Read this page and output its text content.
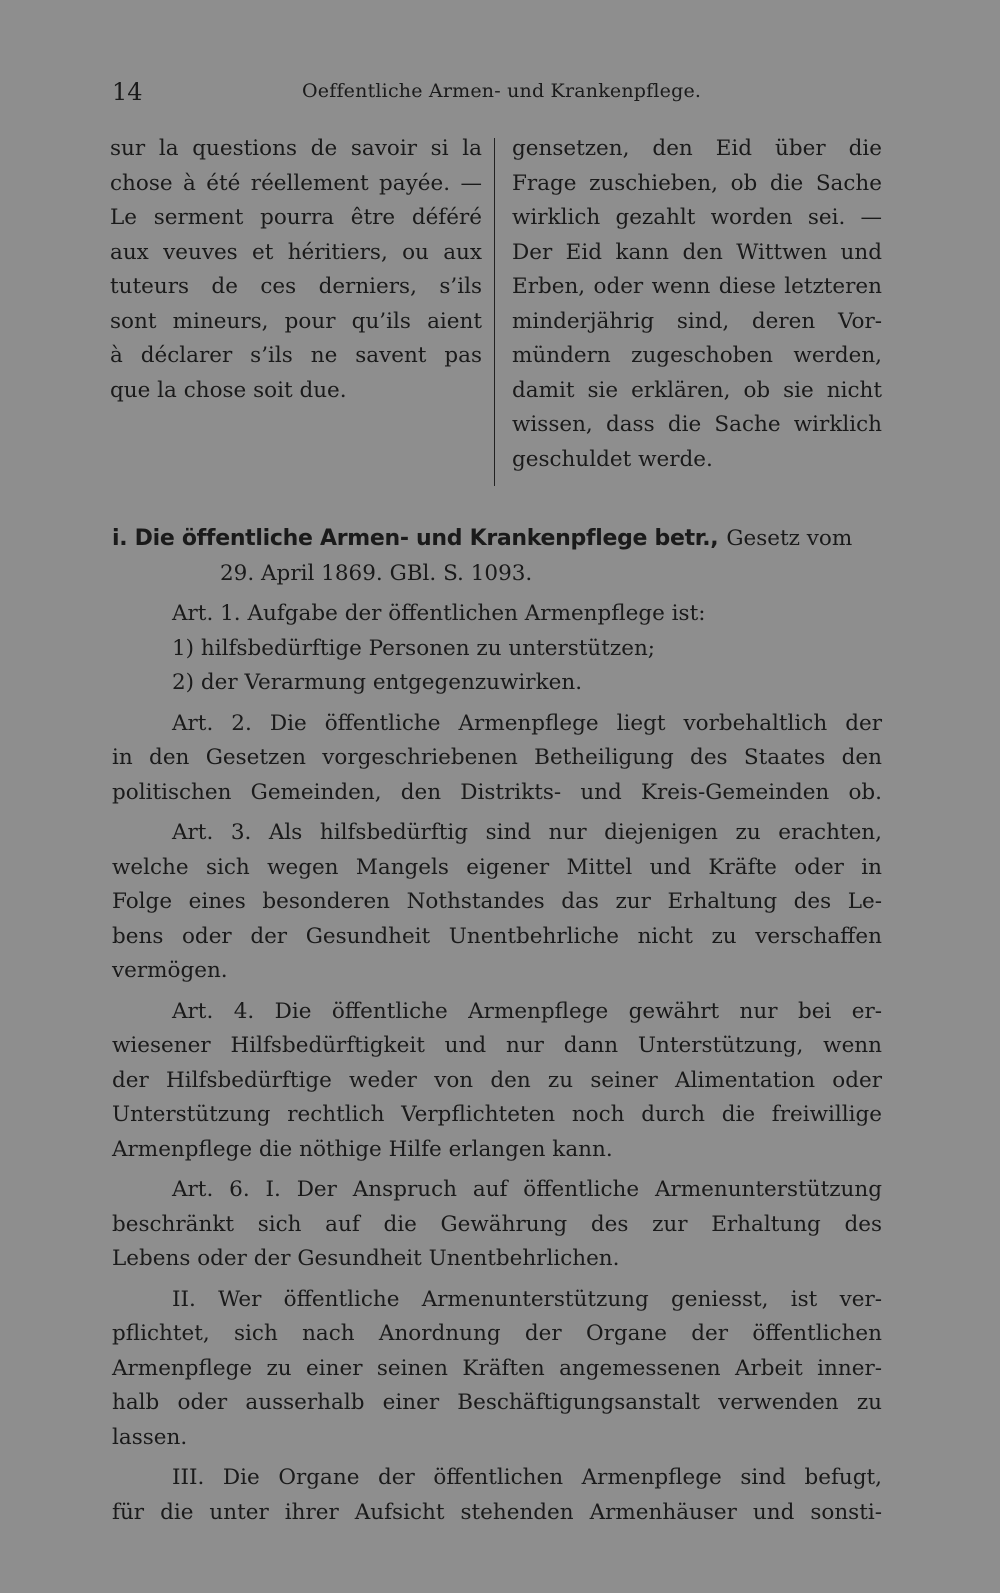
14	Oeffentliche Armen- und Krankenpflege.
sur la questions de savoir si la
chose à été réellement payée. —
Le serment pourra être déféré
aux veuves et héritiers, ou aux
tuteurs de ces derniers, s’ils
sont mineurs, pour qu’ils aient
à déclarer s’ils ne savent pas
que la chose soit due.
gensetzen, den Eid über die
Frage zuschieben, ob die Sache
wirklich gezahlt worden sei. —
Der Eid kann den Wittwen und
Erben, oder wenn diese letzteren
minderjährig sind, deren Vor-
mündern zugeschoben werden,
damit sie erklären, ob sie nicht
wissen, dass die Sache wirklich
geschuldet werde.
i. Die öffentliche Armen- und Krankenpflege betr., Gesetz vom
29. April 1869. GBl. S. 1093.
Art. 1. Aufgabe der öffentlichen Armenpflege ist:
1) hilfsbedürftige Personen zu unterstützen;
2) der Verarmung entgegenzuwirken.
Art. 2. Die öffentliche Armenpflege liegt vorbehaltlich der
in den Gesetzen vorgeschriebenen Betheiligung des Staates den
politischen Gemeinden, den Distrikts- und Kreis-Gemeinden ob.
Art. 3. Als hilfsbedürftig sind nur diejenigen zu erachten,
welche sich wegen Mangels eigener Mittel und Kräfte oder in
Folge eines besonderen Nothstandes das zur Erhaltung des Le-
bens oder der Gesundheit Unentbehrliche nicht zu verschaffen
vermögen.
Art. 4. Die öffentliche Armenpflege gewährt nur bei er-
wiesener Hilfsbedürftigkeit und nur dann Unterstützung, wenn
der Hilfsbedürftige weder von den zu seiner Alimentation oder
Unterstützung rechtlich Verpflichteten noch durch die freiwillige
Armenpflege die nöthige Hilfe erlangen kann.
Art. 6. I. Der Anspruch auf öffentliche Armenunterstützung
beschränkt sich auf die Gewährung des zur Erhaltung des
Lebens oder der Gesundheit Unentbehrlichen.
II. Wer öffentliche Armenunterstützung geniesst, ist ver-
pflichtet, sich nach Anordnung der Organe der öffentlichen
Armenpflege zu einer seinen Kräften angemessenen Arbeit inner-
halb oder ausserhalb einer Beschäftigungsanstalt verwenden zu
lassen.
III. Die Organe der öffentlichen Armenpflege sind befugt,
für die unter ihrer Aufsicht stehenden Armenhäuser und sonsti-
